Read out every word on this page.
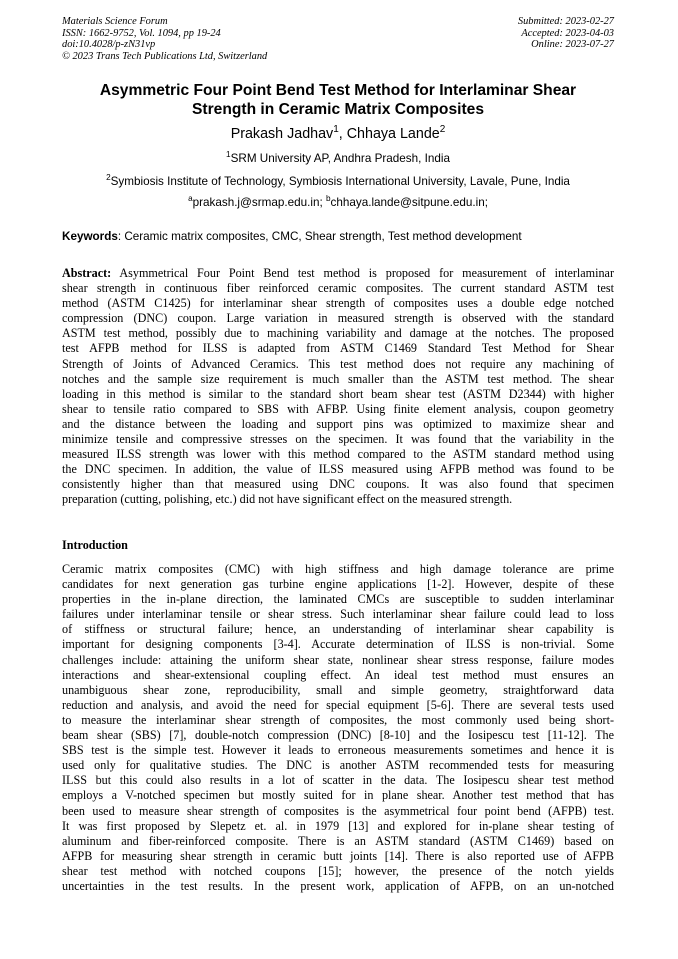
Materials Science Forum
ISSN: 1662-9752, Vol. 1094, pp 19-24
doi:10.4028/p-zN31vp
© 2023 Trans Tech Publications Ltd, Switzerland
Submitted: 2023-02-27
Accepted: 2023-04-03
Online: 2023-07-27
Asymmetric Four Point Bend Test Method for Interlaminar Shear
Strength in Ceramic Matrix Composites
Prakash Jadhav$^1$, Chhaya Lande$^2$
$^1$SRM University AP, Andhra Pradesh, India
$^2$Symbiosis Institute of Technology, Symbiosis International University, Lavale, Pune, India
$^a$prakash.j@srmap.edu.in; $^b$chhaya.lande@sitpune.edu.in;
Keywords: Ceramic matrix composites, CMC, Shear strength, Test method development
Abstract: Asymmetrical Four Point Bend test method is proposed for measurement of interlaminar
shear strength in continuous fiber reinforced ceramic composites. The current standard ASTM test
method (ASTM C1425) for interlaminar shear strength of composites uses a double edge notched
compression (DNC) coupon. Large variation in measured strength is observed with the standard
ASTM test method, possibly due to machining variability and damage at the notches. The proposed
test AFPB method for ILSS is adapted from ASTM C1469 Standard Test Method for Shear
Strength of Joints of Advanced Ceramics. This test method does not require any machining of
notches and the sample size requirement is much smaller than the ASTM test method. The shear
loading in this method is similar to the standard short beam shear test (ASTM D2344) with higher
shear to tensile ratio compared to SBS with AFBP. Using finite element analysis, coupon geometry
and the distance between the loading and support pins was optimized to maximize shear and
minimize tensile and compressive stresses on the specimen. It was found that the variability in the
measured ILSS strength was lower with this method compared to the ASTM standard method using
the DNC specimen. In addition, the value of ILSS measured using AFPB method was found to be
consistently higher than that measured using DNC coupons. It was also found that specimen
preparation (cutting, polishing, etc.) did not have significant effect on the measured strength.
Introduction
Ceramic matrix composites (CMC) with high stiffness and high damage tolerance are prime
candidates for next generation gas turbine engine applications [1-2]. However, despite of these
properties in the in-plane direction, the laminated CMCs are susceptible to sudden interlaminar
failures under interlaminar tensile or shear stress. Such interlaminar shear failure could lead to loss
of stiffness or structural failure; hence, an understanding of interlaminar shear capability is
important for designing components [3-4]. Accurate determination of ILSS is non-trivial. Some
challenges include: attaining the uniform shear state, nonlinear shear stress response, failure modes
interactions and shear-extensional coupling effect. An ideal test method must ensures an
unambiguous shear zone, reproducibility, small and simple geometry, straightforward data
reduction and analysis, and avoid the need for special equipment [5-6]. There are several tests used
to measure the interlaminar shear strength of composites, the most commonly used being short-
beam shear (SBS) [7], double-notch compression (DNC) [8-10] and the Iosipescu test [11-12]. The
SBS test is the simple test. However it leads to erroneous measurements sometimes and hence it is
used only for qualitative studies. The DNC is another ASTM recommended tests for measuring
ILSS but this could also results in a lot of scatter in the data. The Iosipescu shear test method
employs a V-notched specimen but mostly suited for in plane shear. Another test method that has
been used to measure shear strength of composites is the asymmetrical four point bend (AFPB) test.
It was first proposed by Slepetz et. al. in 1979 [13] and explored for in-plane shear testing of
aluminum and fiber-reinforced composite. There is an ASTM standard (ASTM C1469) based on
AFPB for measuring shear strength in ceramic butt joints [14]. There is also reported use of AFPB
shear test method with notched coupons [15]; however, the presence of the notch yields
uncertainties in the test results. In the present work, application of AFPB, on an un-notched
